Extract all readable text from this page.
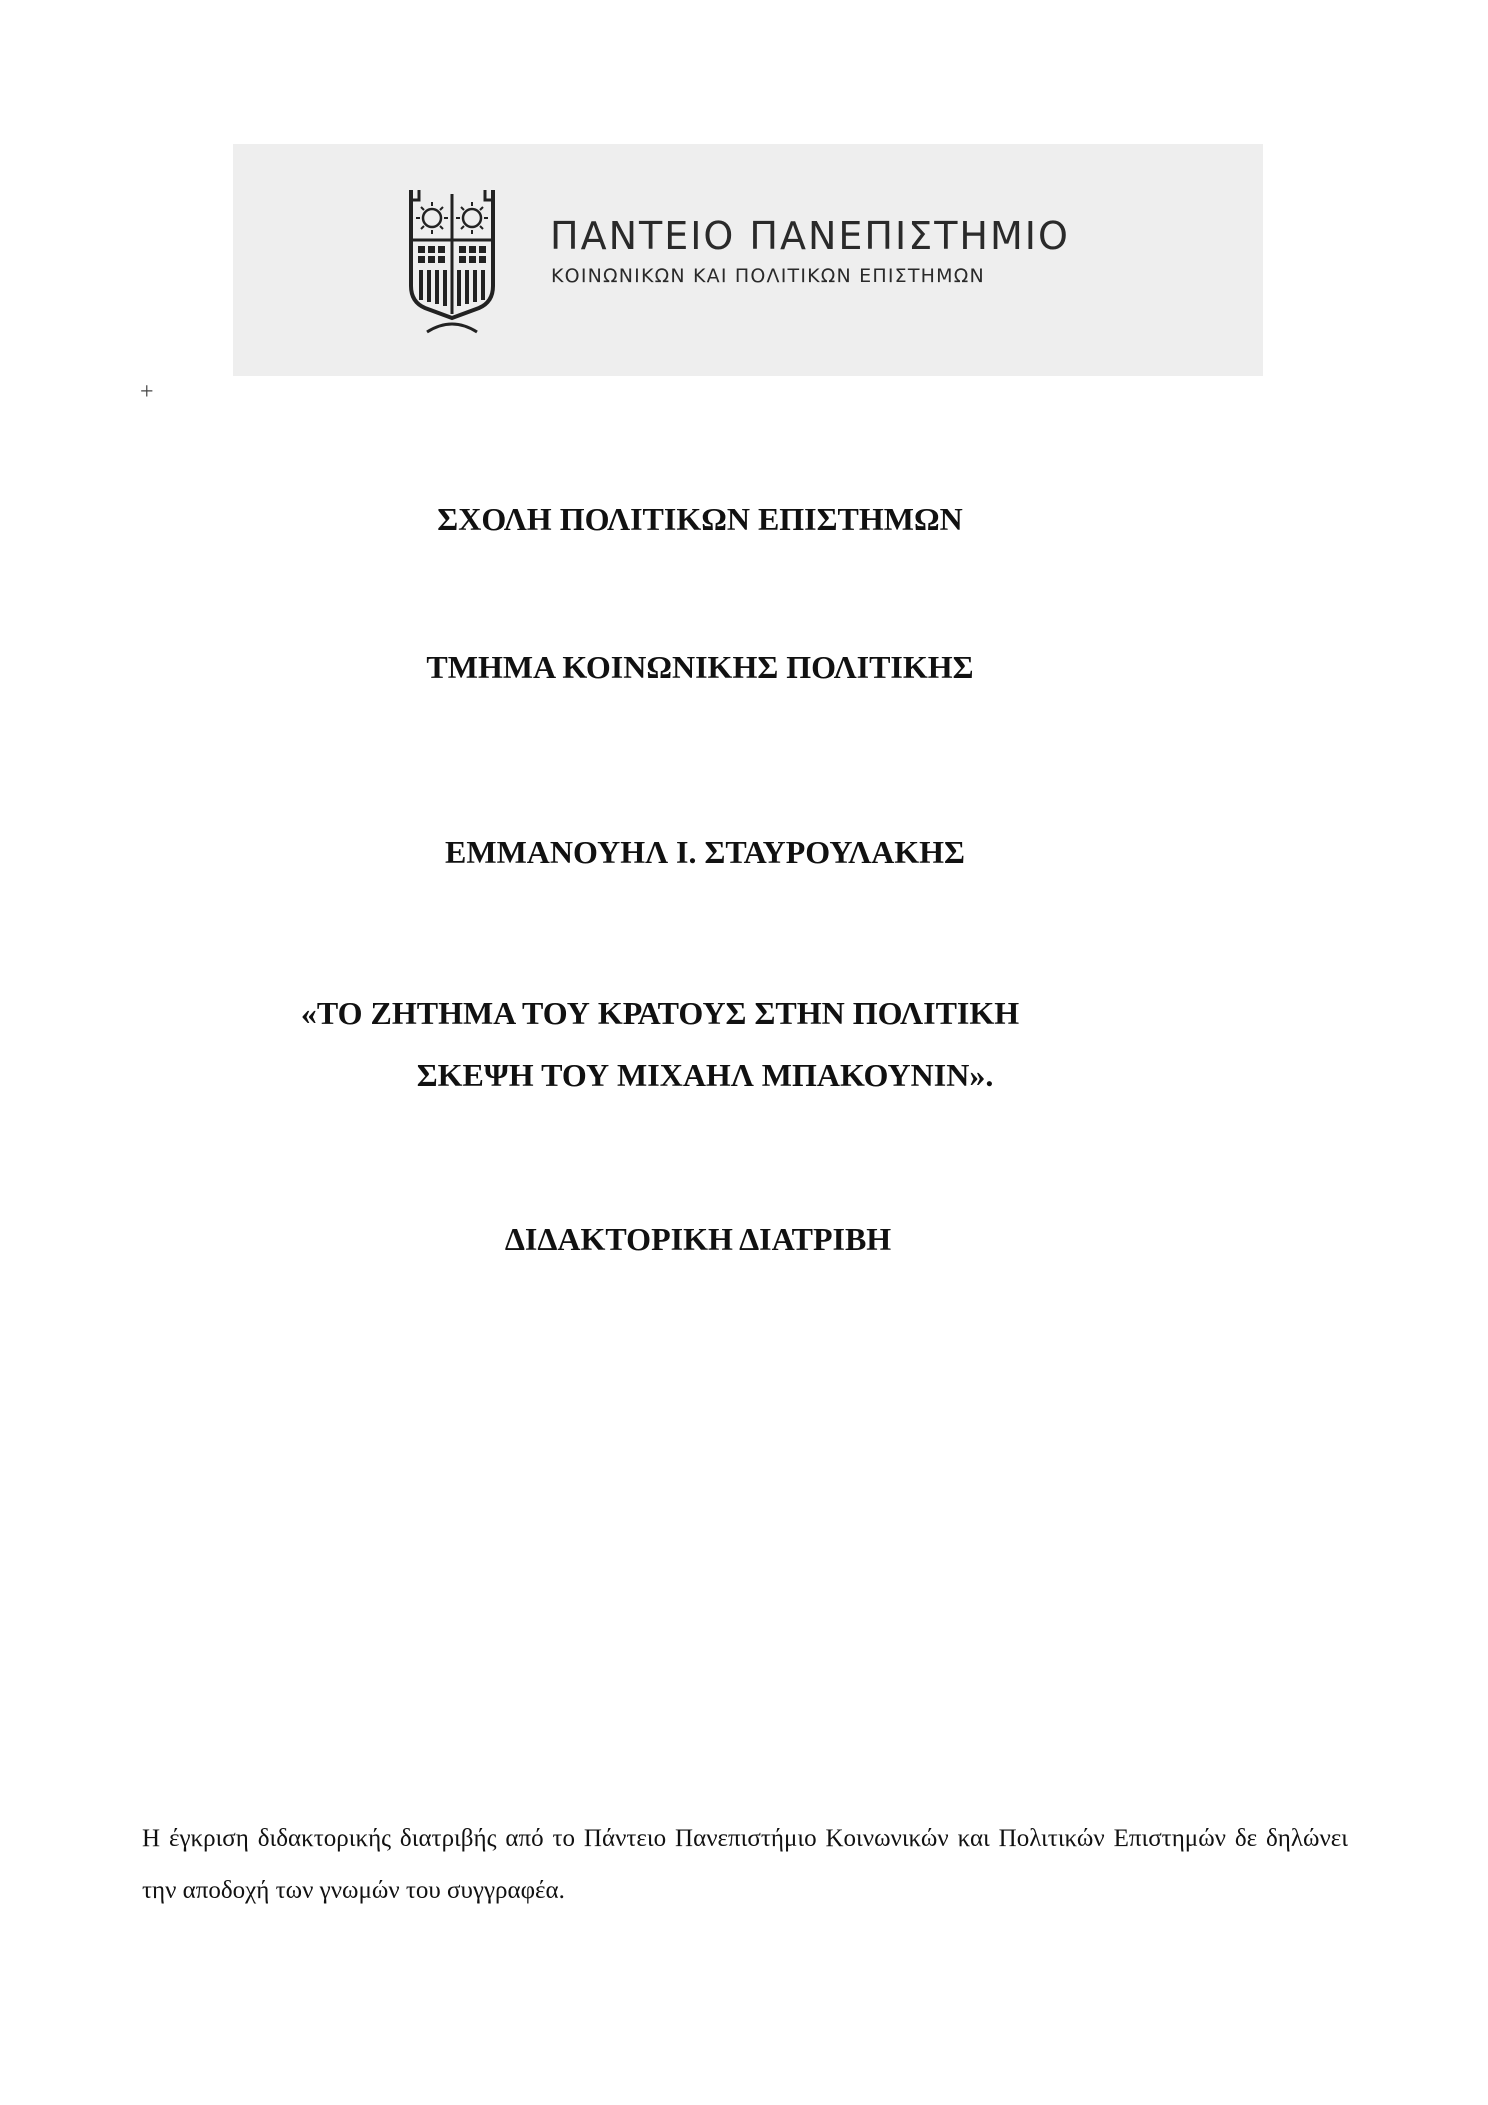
ΠΑΝΤΕΙΟ ΠΑΝΕΠΙΣΤΗΜΙΟ
ΚΟΙΝΩΝΙΚΩΝ ΚΑΙ ΠΟΛΙΤΙΚΩΝ ΕΠΙΣΤΗΜΩΝ
+
ΣΧΟΛΗ ΠΟΛΙΤΙΚΩΝ ΕΠΙΣΤΗΜΩΝ
ΤΜΗΜΑ ΚΟΙΝΩΝΙΚΗΣ ΠΟΛΙΤΙΚΗΣ
ΕΜΜΑΝΟΥΗΛ Ι. ΣΤΑΥΡΟΥΛΑΚΗΣ
«ΤΟ ΖΗΤΗΜΑ ΤΟΥ ΚΡΑΤΟΥΣ ΣΤΗΝ ΠΟΛΙΤΙΚΗ
ΣΚΕΨΗ ΤΟΥ ΜΙΧΑΗΛ ΜΠΑΚΟΥΝΙΝ».
ΔΙΔΑΚΤΟΡΙΚΗ ΔΙΑΤΡΙΒΗ
Η έγκριση διδακτορικής διατριβής από το Πάντειο Πανεπιστήμιο Κοινωνικών και Πολιτικών Επιστημών δε δηλώνει την αποδοχή των γνωμών του συγγραφέα.
